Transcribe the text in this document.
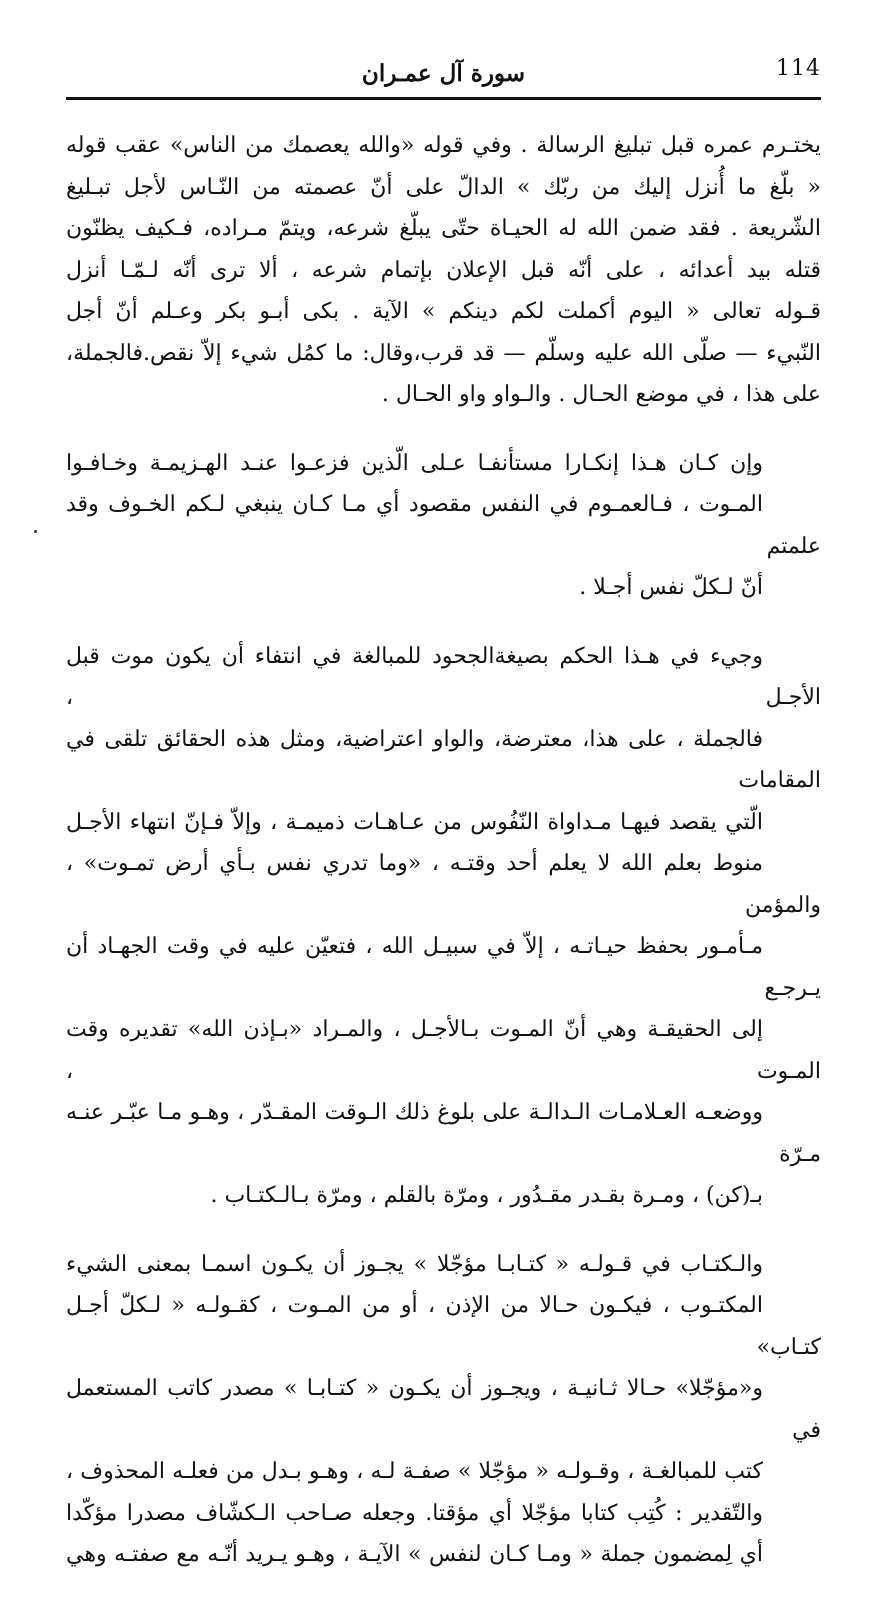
سورة آل عمـران	114

يختـرم عمره قبل تبليغ الرسالة . وفي قوله «والله يعصمك من الناس» عقب قوله
« بلّغ ما أُنزل إليك من ربّك » الدالّ على أنّ عصمته من النّـاس لأجل تبـليغ
الشّريعة . فقد ضمن الله له الحيـاة حتّى يبلّغ شرعه، ويتمّ مـراده، فـكيف يظنّون
قتله بيد أعدائه ، على أنّه قبل الإعلان بإتمام شرعه ، ألا ترى أنّه لـمّـا أنزل
قـوله تعالى « اليوم أكملت لكم دينكم » الآية . بكى أبـو بكر وعـلم أنّ أجل
النّبيء — صلّى الله عليه وسلّم — قد قرب،وقال: ما كمُل شيء إلاّ نقص.فالجملة،
على هذا ، في موضع الحـال . والـواو واو الحـال .

وإن كـان هـذا إنكـارا مستأنفـا عـلى الّذين فزعـوا عنـد الهـزيمـة وخـافـوا
المـوت ، فـالعمـوم في النفس مقصود أي مـا كـان ينبغي لـكم الخـوف وقد علمتم
أنّ لـكلّ نفس أجـلا .

وجيء في هـذا الحكم بصيغةالجحود للمبالغة في انتفاء أن يكون موت قبل الأجـل ،
فالجملة ، على هذا، معترضة، والواو اعتراضية، ومثل هذه الحقائق تلقى في المقامات
الّتي يقصد فيهـا مـداواة النّفُوس من عـاهـات ذميمـة ، وإلاّ فـإنّ انتهاء الأجـل
منوط بعلم الله لا يعلم أحد وقتـه ، «وما تدري نفس بـأي أرض تمـوت» ، والمؤمن
مـأمـور بحفظ حيـاتـه ، إلاّ في سبيـل الله ، فتعيّن عليه في وقت الجهـاد أن يـرجـع
إلى الحقيقـة وهي أنّ المـوت بـالأجـل ، والمـراد «بـإذن الله» تقديره وقت المـوت ،
ووضعـه العـلامـات الـدالـة على بلوغ ذلك الـوقت المقـدّر ، وهـو مـا عبّـر عنـه مـرّة
بـ(كن) ، ومـرة بقـدر مقـدُور ، ومرّة بالقلم ، ومرّة بـالـكتـاب .

والـكتـاب في قـولـه « كتـابـا مؤجّلا » يجـوز أن يكـون اسمـا بمعنى الشيء
المكتـوب ، فيكـون حـالا من الإذن ، أو من المـوت ، كقـولـه « لـكلّ أجـل كتـاب»
و«مؤجّلا» حـالا ثـانيـة ، ويجـوز أن يكـون « كتـابـا » مصدر كاتب المستعمل في
كتب للمبالغـة ، وقـولـه « مؤجّلا » صفـة لـه ، وهـو بـدل من فعلـه المحذوف ،
والتّقدير : كُتِب كتابا مؤجّلا أي مؤقتا. وجعله صـاحب الـكشّاف مصدرا مؤكّدا
أي لِمضمون جملة « ومـا كـان لنفس » الآيـة ، وهـو يـريد أنّـه مع صفتـه وهي
